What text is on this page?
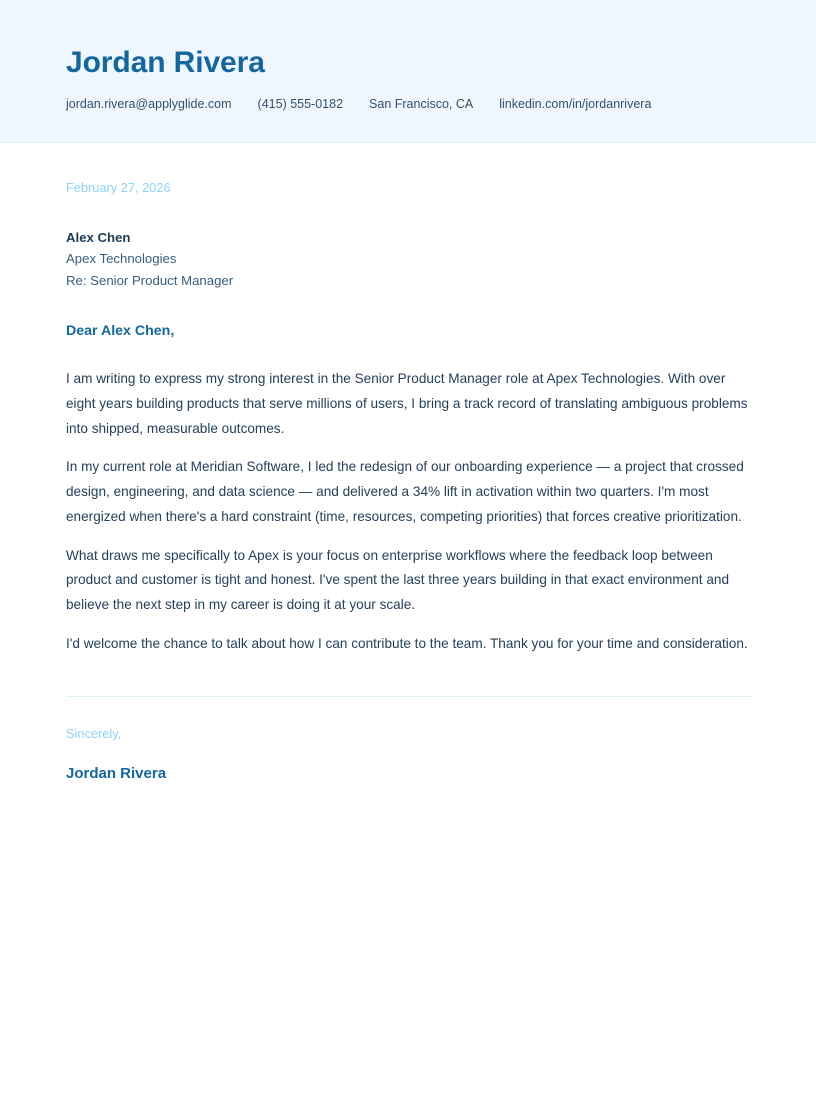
Jordan Rivera
jordan.rivera@applyglide.com (415) 555-0182 San Francisco, CA linkedin.com/in/jordanrivera
February 27, 2026

Alex Chen

Apex Technologies

Re: Senior Product Manager

Dear Alex Chen,

I am writing to express my strong interest in the Senior Product Manager role at Apex Technologies. With over eight years building products that serve millions of users, I bring a track record of translating ambiguous problems into shipped, measurable outcomes.

In my current role at Meridian Software, I led the redesign of our onboarding experience — a project that crossed design, engineering, and data science — and delivered a 34% lift in activation within two quarters. I'm most energized when there's a hard constraint (time, resources, competing priorities) that forces creative prioritization.

What draws me specifically to Apex is your focus on enterprise workflows where the feedback loop between product and customer is tight and honest. I've spent the last three years building in that exact environment and believe the next step in my career is doing it at your scale.

I'd welcome the chance to talk about how I can contribute to the team. Thank you for your time and consideration.

Sincerely,

Jordan Rivera
